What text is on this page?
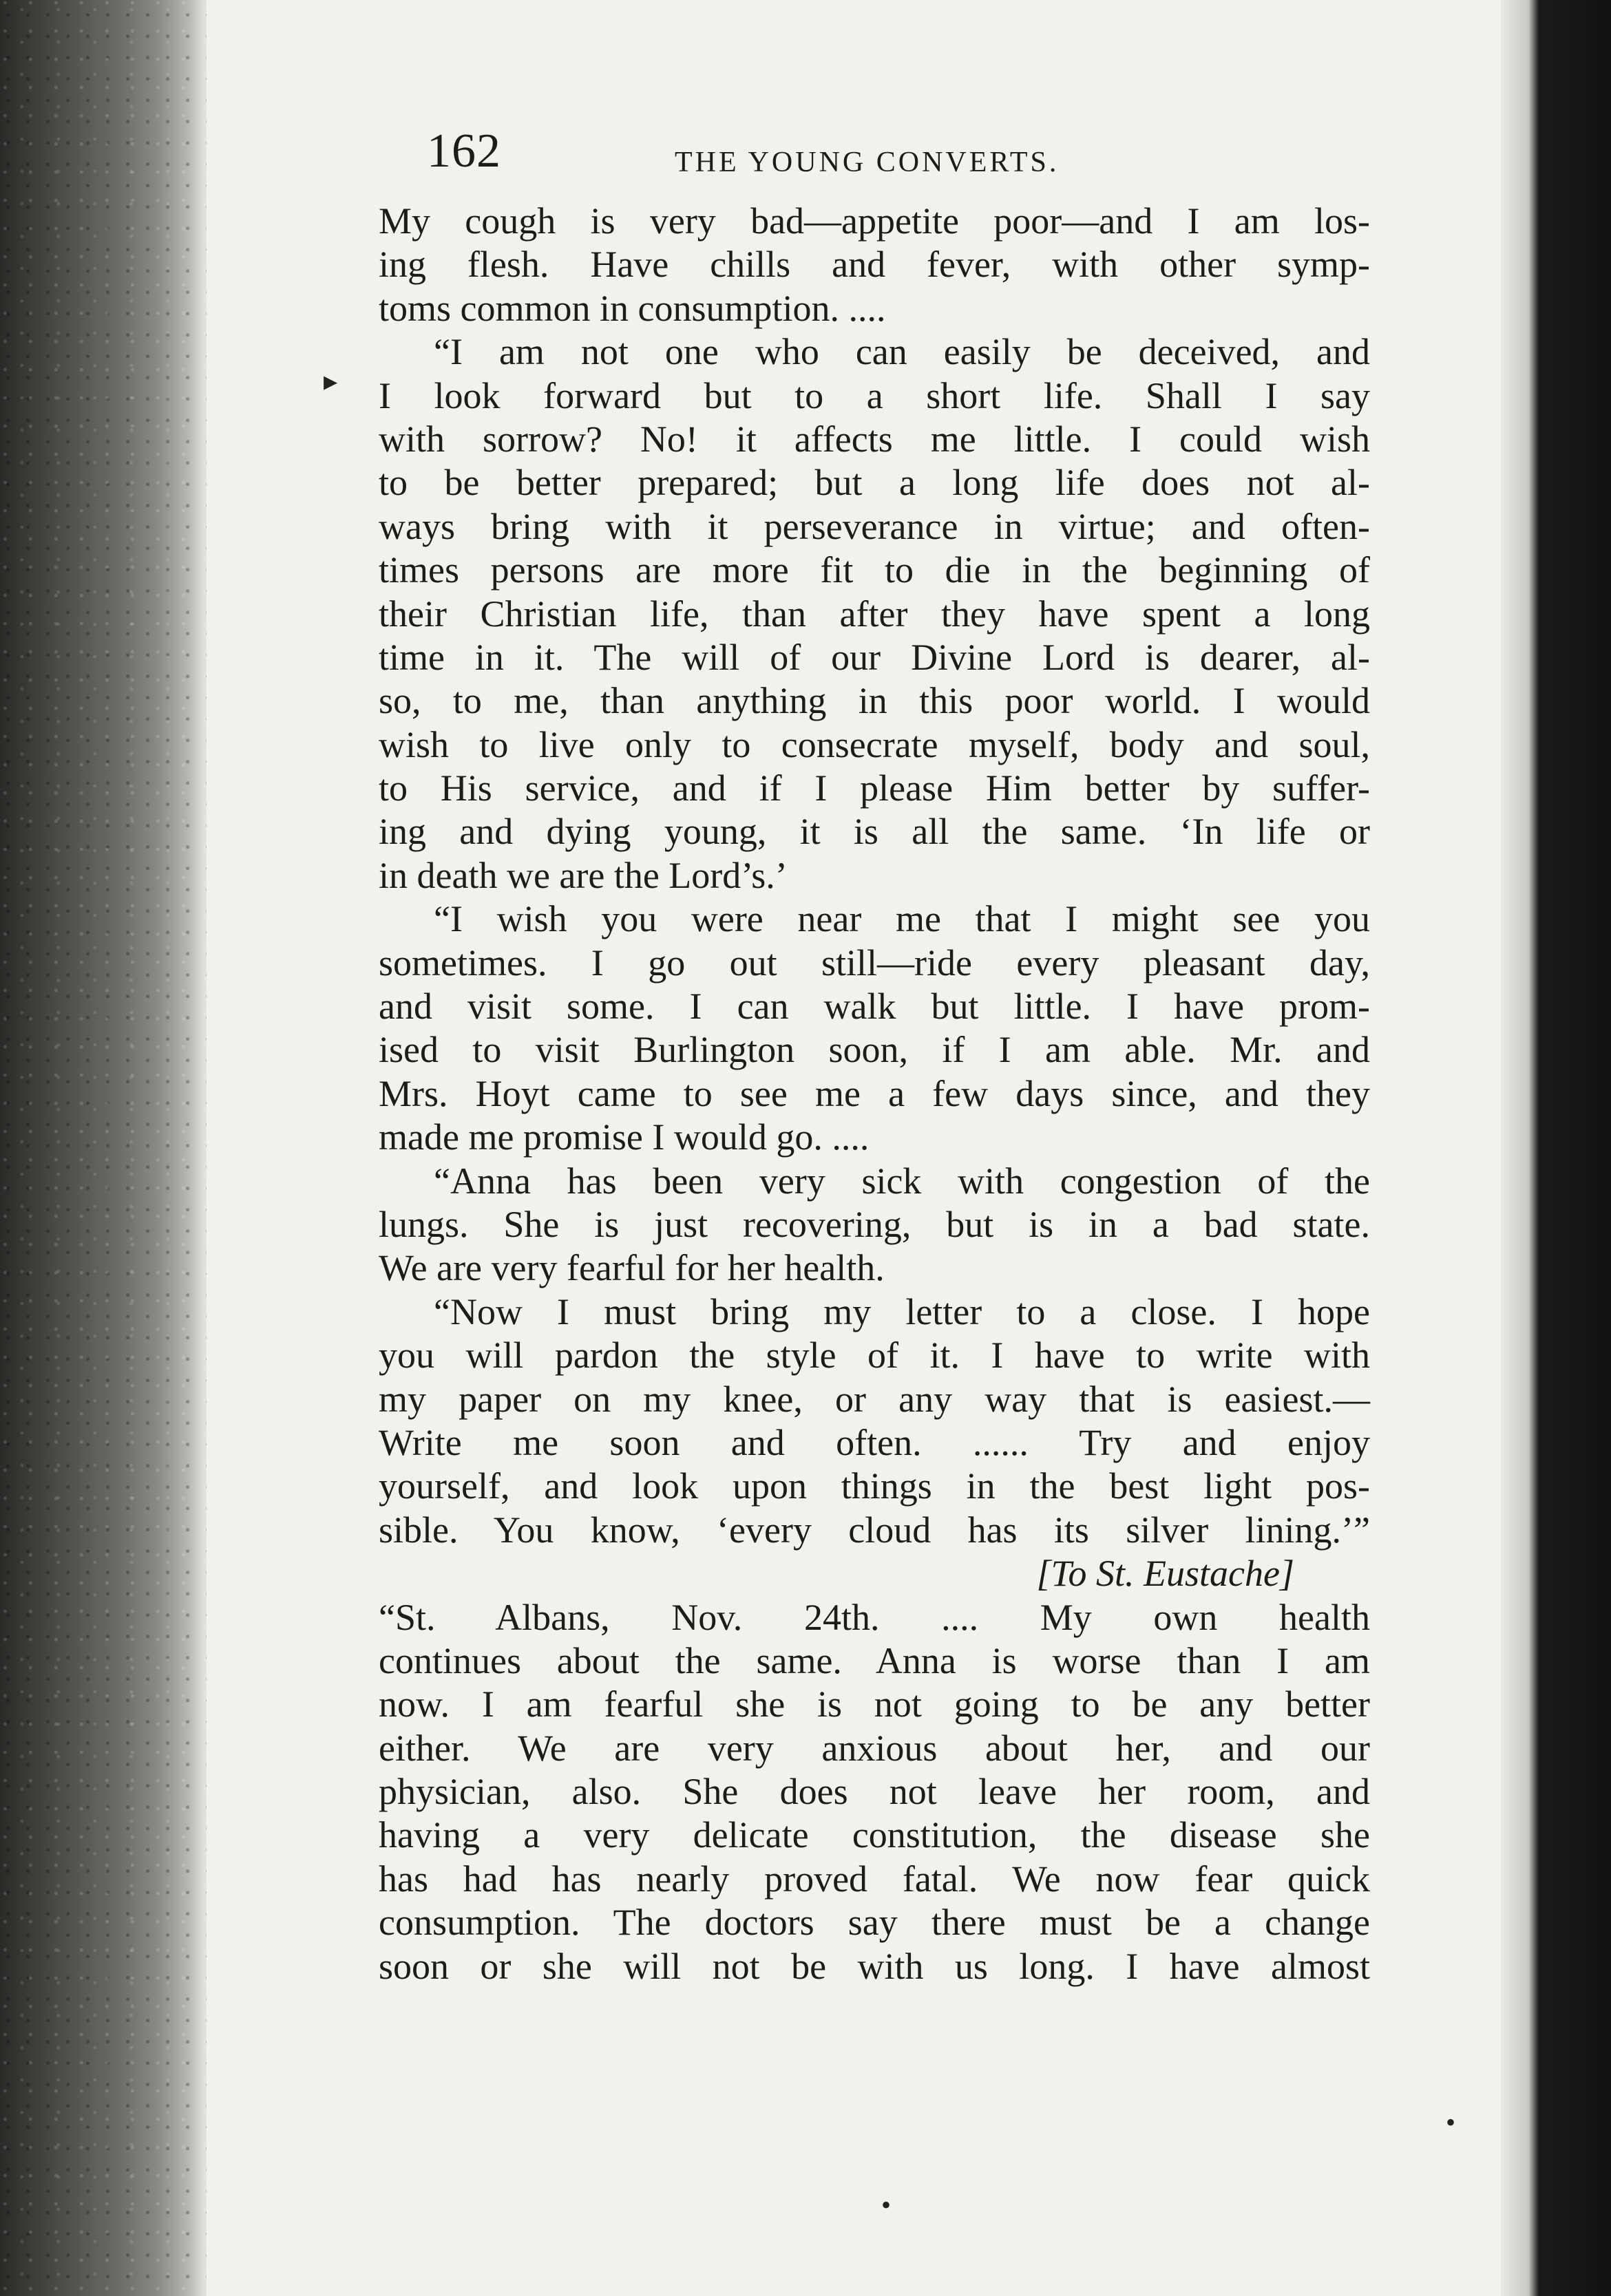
162	THE YOUNG CONVERTS.
My cough is very bad—appetite poor—and I am los-
ing flesh. Have chills and fever, with other symp-
toms common in consumption. ....
“I am not one who can easily be deceived, and
I look forward but to a short life. Shall I say
with sorrow? No! it affects me little. I could wish
to be better prepared; but a long life does not al-
ways bring with it perseverance in virtue; and often-
times persons are more fit to die in the beginning of
their Christian life, than after they have spent a long
time in it. The will of our Divine Lord is dearer, al-
so, to me, than anything in this poor world. I would
wish to live only to consecrate myself, body and soul,
to His service, and if I please Him better by suffer-
ing and dying young, it is all the same. ‘In life or
in death we are the Lord’s.’
“I wish you were near me that I might see you
sometimes. I go out still—ride every pleasant day,
and visit some. I can walk but little. I have prom-
ised to visit Burlington soon, if I am able. Mr. and
Mrs. Hoyt came to see me a few days since, and they
made me promise I would go. ....
“Anna has been very sick with congestion of the
lungs. She is just recovering, but is in a bad state.
We are very fearful for her health.
“Now I must bring my letter to a close. I hope
you will pardon the style of it. I have to write with
my paper on my knee, or any way that is easiest.—
Write me soon and often. ...... Try and enjoy
yourself, and look upon things in the best light pos-
sible. You know, ‘every cloud has its silver lining.’”
[To St. Eustache]
“St. Albans, Nov. 24th. .... My own health
continues about the same. Anna is worse than I am
now. I am fearful she is not going to be any better
either. We are very anxious about her, and our
physician, also. She does not leave her room, and
having a very delicate constitution, the disease she
has had has nearly proved fatal. We now fear quick
consumption. The doctors say there must be a change
soon or she will not be with us long. I have almost
▸
•
•
